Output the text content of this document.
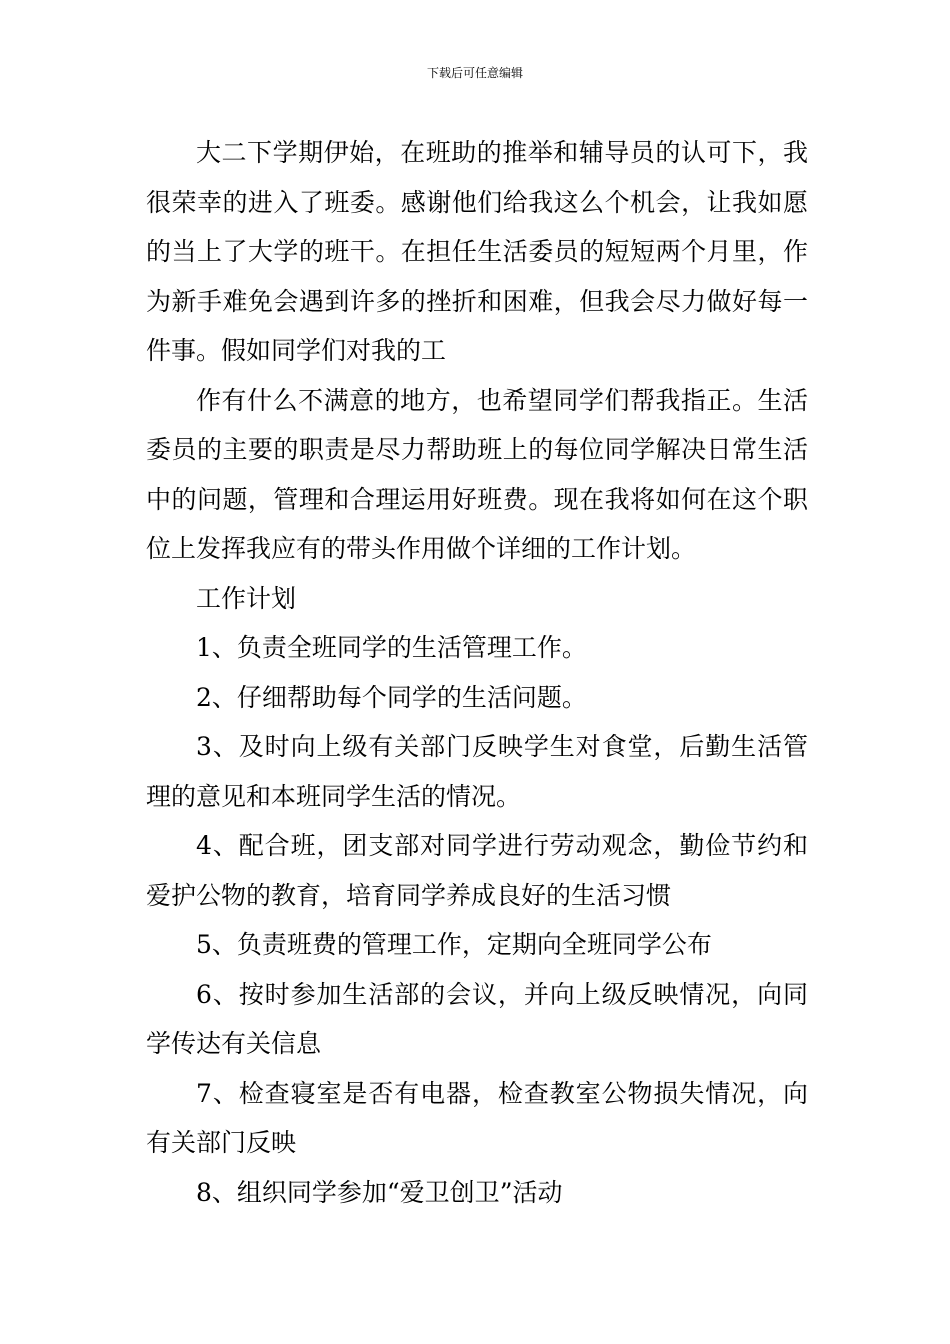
下载后可任意编辑

大二下学期伊始，在班助的推举和辅导员的认可下，我很荣幸的进入了班委。感谢他们给我这么个机会，让我如愿的当上了大学的班干。在担任生活委员的短短两个月里，作为新手难免会遇到许多的挫折和困难，但我会尽力做好每一件事。假如同学们对我的工

作有什么不满意的地方，也希望同学们帮我指正。生活委员的主要的职责是尽力帮助班上的每位同学解决日常生活中的问题，管理和合理运用好班费。现在我将如何在这个职位上发挥我应有的带头作用做个详细的工作计划。

工作计划

1、负责全班同学的生活管理工作。

2、仔细帮助每个同学的生活问题。

3、及时向上级有关部门反映学生对食堂，后勤生活管理的意见和本班同学生活的情况。

4、配合班，团支部对同学进行劳动观念，勤俭节约和爱护公物的教育，培育同学养成良好的生活习惯

5、负责班费的管理工作，定期向全班同学公布

6、按时参加生活部的会议，并向上级反映情况，向同学传达有关信息

7、检查寝室是否有电器，检查教室公物损失情况，向有关部门反映

8、组织同学参加“爱卫创卫”活动
